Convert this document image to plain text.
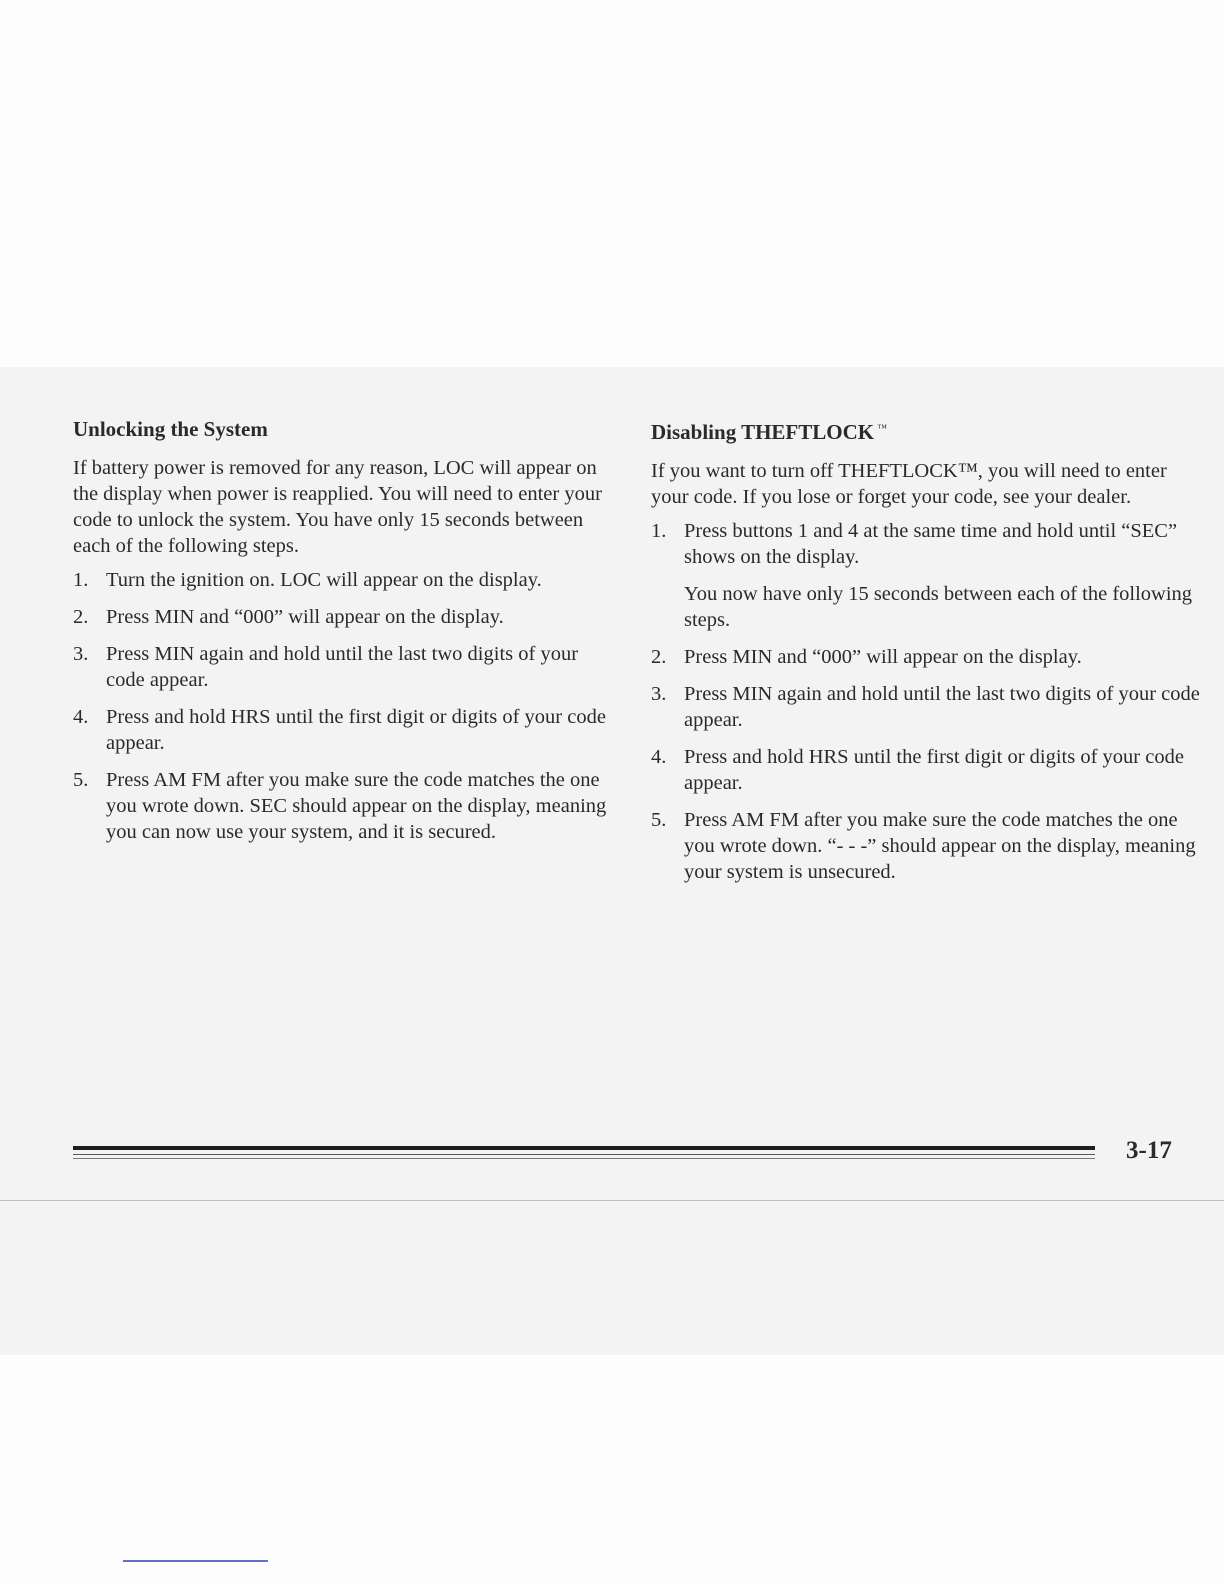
Unlocking the System

If battery power is removed for any reason, LOC will appear on the display when power is reapplied. You will need to enter your code to unlock the system. You have only 15 seconds between each of the following steps.

1. Turn the ignition on. LOC will appear on the display.
2. Press MIN and “000” will appear on the display.
3. Press MIN again and hold until the last two digits of your code appear.
4. Press and hold HRS until the first digit or digits of your code appear.
5. Press AM FM after you make sure the code matches the one you wrote down. SEC should appear on the display, meaning you can now use your system, and it is secured.
Disabling THEFTLOCK ™

If you want to turn off THEFTLOCK™, you will need to enter your code. If you lose or forget your code, see your dealer.

1. Press buttons 1 and 4 at the same time and hold until “SEC” shows on the display.
You now have only 15 seconds between each of the following steps.
2. Press MIN and “000” will appear on the display.
3. Press MIN again and hold until the last two digits of your code appear.
4. Press and hold HRS until the first digit or digits of your code appear.
5. Press AM FM after you make sure the code matches the one you wrote down. “- - -” should appear on the display, meaning your system is unsecured.
3-17
